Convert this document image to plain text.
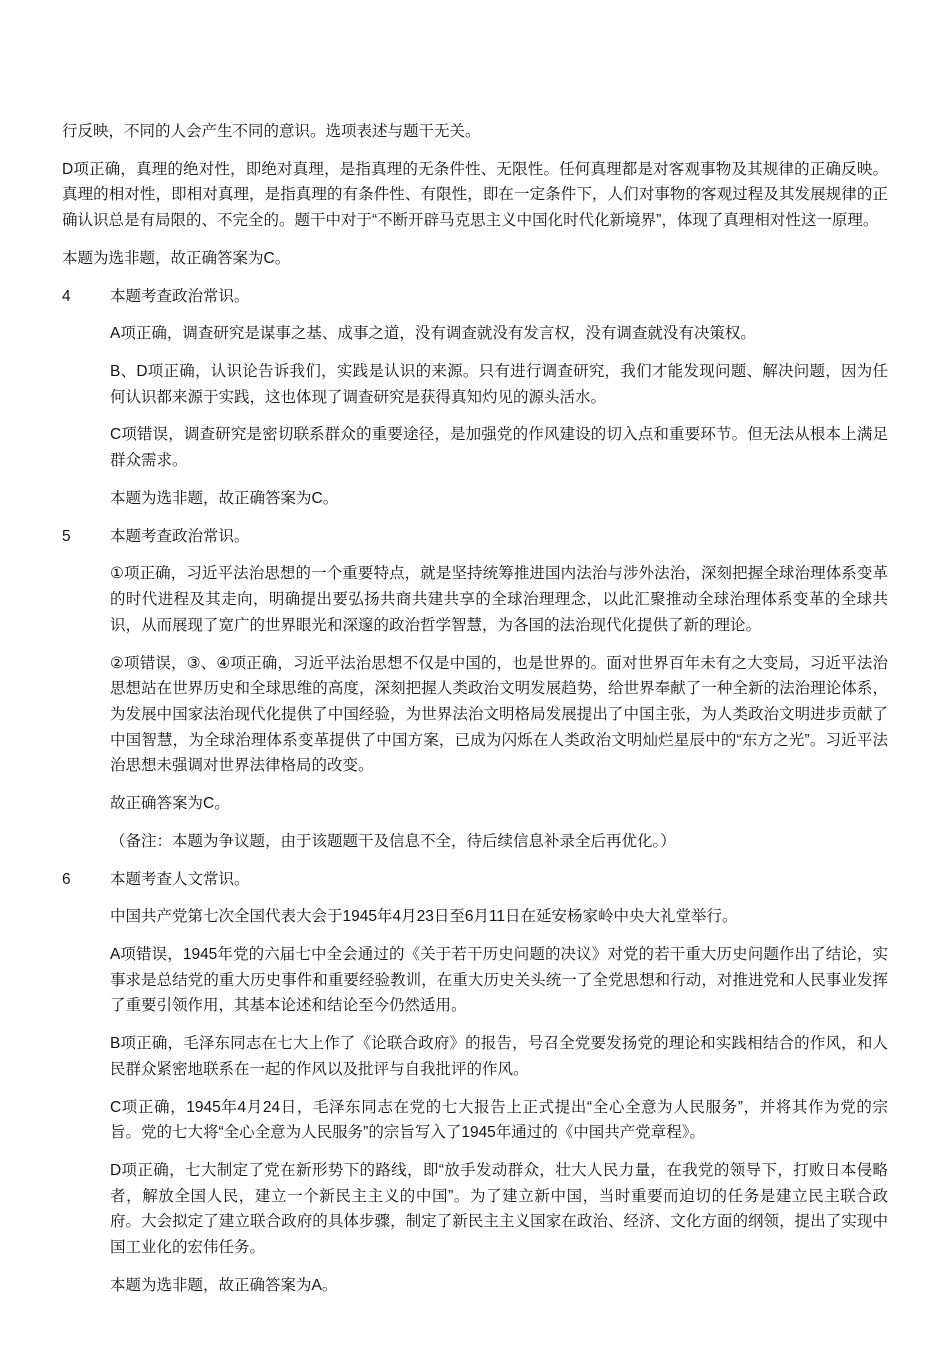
行反映，不同的人会产生不同的意识。选项表述与题干无关。

D项正确，真理的绝对性，即绝对真理，是指真理的无条件性、无限性。任何真理都是对客观事物及其规律的正确反映。真理的相对性，即相对真理，是指真理的有条件性、有限性，即在一定条件下，人们对事物的客观过程及其发展规律的正确认识总是有局限的、不完全的。题干中对于“不断开辟马克思主义中国化时代化新境界”，体现了真理相对性这一原理。

本题为选非题，故正确答案为C。

4	本题考查政治常识。

A项正确，调查研究是谋事之基、成事之道，没有调查就没有发言权，没有调查就没有决策权。

B、D项正确，认识论告诉我们，实践是认识的来源。只有进行调查研究，我们才能发现问题、解决问题，因为任何认识都来源于实践，这也体现了调查研究是获得真知灼见的源头活水。

C项错误，调查研究是密切联系群众的重要途径，是加强党的作风建设的切入点和重要环节。但无法从根本上满足群众需求。

本题为选非题，故正确答案为C。

5	本题考查政治常识。

①项正确，习近平法治思想的一个重要特点，就是坚持统筹推进国内法治与涉外法治，深刻把握全球治理体系变革的时代进程及其走向，明确提出要弘扬共商共建共享的全球治理理念，以此汇聚推动全球治理体系变革的全球共识，从而展现了宽广的世界眼光和深邃的政治哲学智慧，为各国的法治现代化提供了新的理论。

②项错误，③、④项正确，习近平法治思想不仅是中国的，也是世界的。面对世界百年未有之大变局，习近平法治思想站在世界历史和全球思维的高度，深刻把握人类政治文明发展趋势，给世界奉献了一种全新的法治理论体系，为发展中国家法治现代化提供了中国经验，为世界法治文明格局发展提出了中国主张，为人类政治文明进步贡献了中国智慧，为全球治理体系变革提供了中国方案，已成为闪烁在人类政治文明灿烂星辰中的“东方之光”。习近平法治思想未强调对世界法律格局的改变。

故正确答案为C。

（备注：本题为争议题，由于该题题干及信息不全，待后续信息补录全后再优化。）

6	本题考查人文常识。

中国共产党第七次全国代表大会于1945年4月23日至6月11日在延安杨家岭中央大礼堂举行。

A项错误，1945年党的六届七中全会通过的《关于若干历史问题的决议》对党的若干重大历史问题作出了结论，实事求是总结党的重大历史事件和重要经验教训，在重大历史关头统一了全党思想和行动，对推进党和人民事业发挥了重要引领作用，其基本论述和结论至今仍然适用。

B项正确，毛泽东同志在七大上作了《论联合政府》的报告，号召全党要发扬党的理论和实践相结合的作风，和人民群众紧密地联系在一起的作风以及批评与自我批评的作风。

C项正确，1945年4月24日，毛泽东同志在党的七大报告上正式提出“全心全意为人民服务”，并将其作为党的宗旨。党的七大将“全心全意为人民服务”的宗旨写入了1945年通过的《中国共产党章程》。

D项正确，七大制定了党在新形势下的路线，即“放手发动群众，壮大人民力量，在我党的领导下，打败日本侵略者，解放全国人民，建立一个新民主主义的中国”。为了建立新中国，当时重要而迫切的任务是建立民主联合政府。大会拟定了建立联合政府的具体步骤，制定了新民主主义国家在政治、经济、文化方面的纲领，提出了实现中国工业化的宏伟任务。

本题为选非题，故正确答案为A。
